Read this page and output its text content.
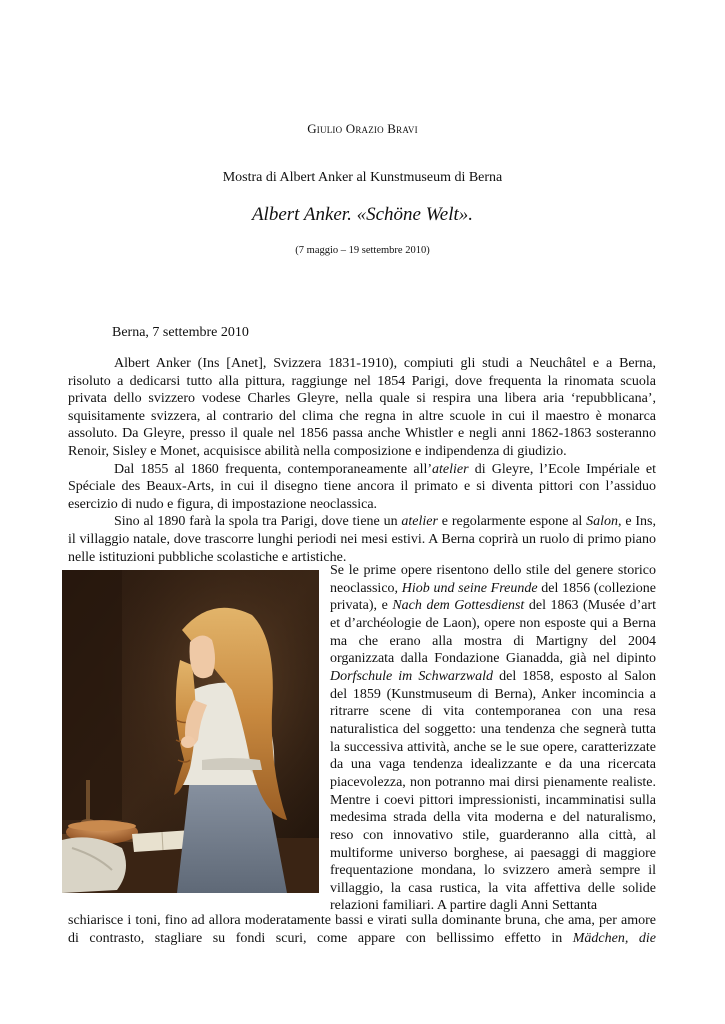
Giulio Orazio Bravi
Mostra di Albert Anker al Kunstmuseum di Berna
Albert Anker. «Schöne Welt».
(7 maggio – 19 settembre 2010)
Berna, 7 settembre 2010

Albert Anker (Ins [Anet], Svizzera 1831-1910), compiuti gli studi a Neuchâtel e a Berna, risoluto a dedicarsi tutto alla pittura, raggiunge nel 1854 Parigi, dove frequenta la rinomata scuola privata dello svizzero vodese Charles Gleyre, nella quale si respira una libera aria ‘repubblicana’, squisitamente svizzera, al contrario del clima che regna in altre scuole in cui il maestro è monarca assoluto. Da Gleyre, presso il quale nel 1856 passa anche Whistler e negli anni 1862-1863 sosteranno Renoir, Sisley e Monet, acquisisce abilità nella composizione e indipendenza di giudizio.

Dal 1855 al 1860 frequenta, contemporaneamente all’atelier di Gleyre, l’Ecole Impériale et Spéciale des Beaux-Arts, in cui il disegno tiene ancora il primato e si diventa pittori con l’assiduo esercizio di nudo e figura, di impostazione neoclassica.

Sino al 1890 farà la spola tra Parigi, dove tiene un atelier e regolarmente espone al Salon, e Ins, il villaggio natale, dove trascorre lunghi periodi nei mesi estivi. A Berna coprirà un ruolo di primo piano nelle istituzioni pubbliche scolastiche e artistiche.

Se le prime opere risentono dello stile del genere storico neoclassico, Hiob und seine Freunde del 1856 (collezione privata), e Nach dem Gottesdienst del 1863 (Musée d’art et d’archéologie de Laon), opere non esposte qui a Berna ma che erano alla mostra di Martigny del 2004 organizzata dalla Fondazione Gianadda, già nel dipinto Dorfschule im Schwarzwald del 1858, esposto al Salon del 1859 (Kunstmuseum di Berna), Anker incomincia a ritrarre scene di vita contemporanea con una resa naturalistica del soggetto: una tendenza che segnerà tutta la successiva attività, anche se le sue opere, caratterizzate da una vaga tendenza idealizzante e da una ricercata piacevolezza, non potranno mai dirsi pienamente realiste. Mentre i coevi pittori impressionisti, incamminatisi sulla medesima strada della vita moderna e del naturalismo, reso con innovativo stile, guarderanno alla città, al multiforme universo borghese, ai paesaggi di maggiore frequentazione mondana, lo svizzero amerà sempre il villaggio, la casa rustica, la vita affettiva delle solide relazioni familiari. A partire dagli Anni Settanta

schiarisce i toni, fino ad allora moderatamente bassi e virati sulla dominante bruna, che ama, per amore di contrasto, stagliare su fondi scuri, come appare con bellissimo effetto in Mädchen, die
